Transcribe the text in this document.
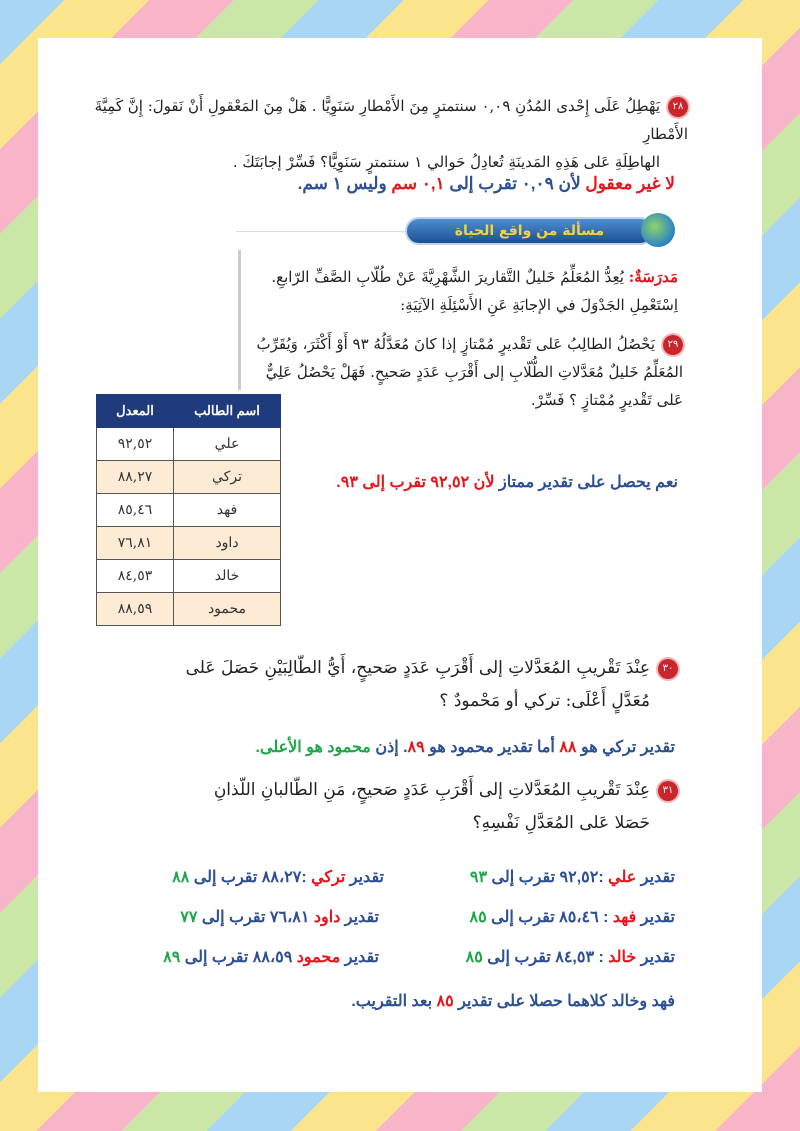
٢٨يَهْطِلُ عَلَى إِحْدى المُدُنِ ٠,٠٩ سنتمترٍ مِنَ الأَمْطارِ سَنَوِيًّا . هَلْ مِنَ المَعْقولِ أَنْ نَقولَ: إِنَّ كَمِيَّةَ الأَمْطارِ
الهاطِلَةِ عَلى هَذِهِ المَدينَةِ تُعادِلُ حَوالي ١ سنتمترٍ سَنَوِيًّا؟ فَسِّرْ إجابَتَكَ .
لا غير معقول لأن ٠,٠٩ تقرب إلى ٠,١ سم وليس ١ سم.
مسألة من واقع الحياة
مَدرَسَةٌ: يُعِدُّ المُعَلِّمُ خَليلٌ التَّقاريرَ الشَّهْرِيَّةَ عَنْ طُلّابِ الصَّفِّ الرّابعِ.
اِسْتَعْمِلِ الجَدْوَلَ في الإجابَةِ عَنِ الأَسْئِلَةِ الآتِيَةِ:
٢٩يَحْصُلُ الطالِبُ عَلى تَقْديرٍ مُمْتازٍ إذا كانَ مُعَدَّلُهُ ٩٣ أَوْ أَكْثَرَ، وَيُقَرِّبُ المُعَلِّمُ خَليلٌ مُعَدَّلاتِ الطُّلّابِ إلى أَقْرَبِ عَدَدٍ صَحيحٍ. فَهَلْ يَحْصُلُ عَلِيٌّ عَلى تَقْديرٍ مُمْتازٍ ؟ فَسِّرْ.
اسم الطالب	المعدل
علي	٩٢,٥٢
تركي	٨٨,٢٧
فهد	٨٥,٤٦
داود	٧٦,٨١
خالد	٨٤,٥٣
محمود	٨٨,٥٩
نعم يحصل على تقدير ممتاز لأن ٩٢,٥٢ تقرب إلى ٩٣.
٣٠عِنْدَ تَقْريبِ المُعَدَّلاتِ إلى أَقْرَبِ عَدَدٍ صَحيحٍ، أَيُّ الطّالِبَيْنِ حَصَلَ عَلى
مُعَدَّلٍ أَعْلَى: تركي أو مَحْمودٌ ؟
تقدير تركي هو ٨٨ أما تقدير محمود هو ٨٩. إذن محمود هو الأعلى.
٣١عِنْدَ تَقْريبِ المُعَدَّلاتِ إلى أَقْرَبِ عَدَدٍ صَحيحٍ، مَنِ الطّالبانِ اللّذانِ
حَصَلا عَلى المُعَدَّلِ نَفْسِهِ؟
تقدير علي :٩٢,٥٢ تقرب إلى ٩٣
تقدير فهد : ٨٥،٤٦ تقرب إلى ٨٥
تقدير خالد : ٨٤,٥٣ تقرب إلى ٨٥
تقدير تركي :٨٨،٢٧ تقرب إلى ٨٨
تقدير داود ٧٦،٨١ تقرب إلى ٧٧
تقدير محمود ٨٨،٥٩ تقرب إلى ٨٩
فهد وخالد كلاهما حصلا على تقدير ٨٥ بعد التقريب.
